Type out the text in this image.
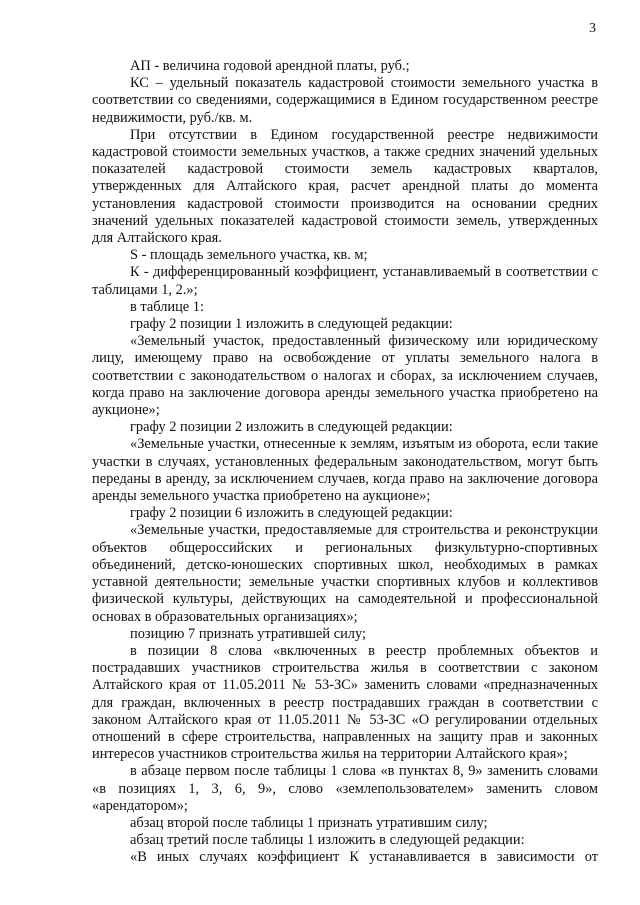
3

АП - величина годовой арендной платы, руб.;

КС – удельный показатель кадастровой стоимости земельного участка в соответствии со сведениями, содержащимися в Едином государственном реестре недвижимости, руб./кв. м.

При отсутствии в Едином государственной реестре недвижимости кадастровой стоимости земельных участков, а также средних значений удельных показателей кадастровой стоимости земель кадастровых кварталов, утвержденных для Алтайского края, расчет арендной платы до момента установления кадастровой стоимости производится на основании средних значений удельных показателей кадастровой стоимости земель, утвержденных для Алтайского края.

S - площадь земельного участка, кв. м;

К - дифференцированный коэффициент, устанавливаемый в соответствии с таблицами 1, 2.»;

в таблице 1:

графу 2 позиции 1 изложить в следующей редакции:

«Земельный участок, предоставленный физическому или юридическому лицу, имеющему право на освобождение от уплаты земельного налога в соответствии с законодательством о налогах и сборах, за исключением случаев, когда право на заключение договора аренды земельного участка приобретено на аукционе»;

графу 2 позиции 2 изложить в следующей редакции:

«Земельные участки, отнесенные к землям, изъятым из оборота, если такие участки в случаях, установленных федеральным законодательством, могут быть переданы в аренду, за исключением случаев, когда право на заключение договора аренды земельного участка приобретено на аукционе»;

графу 2 позиции 6 изложить в следующей редакции:

«Земельные участки, предоставляемые для строительства и реконструкции объектов общероссийских и региональных физкультурно-спортивных объединений, детско-юношеских спортивных школ, необходимых в рамках уставной деятельности; земельные участки спортивных клубов и коллективов физической культуры, действующих на самодеятельной и профессиональной основах в образовательных организациях»;

позицию 7 признать утратившей силу;

в позиции 8 слова «включенных в реестр проблемных объектов и пострадавших участников строительства жилья в соответствии с законом Алтайского края от 11.05.2011 № 53-ЗС» заменить словами «предназначенных для граждан, включенных в реестр пострадавших граждан в соответствии с законом Алтайского края от 11.05.2011 № 53-ЗС «О регулировании отдельных отношений в сфере строительства, направленных на защиту прав и законных интересов участников строительства жилья на территории Алтайского края»;

в абзаце первом после таблицы 1 слова «в пунктах 8, 9» заменить словами «в позициях 1, 3, 6, 9», слово «землепользователем» заменить словом «арендатором»;

абзац второй после таблицы 1 признать утратившим силу;

абзац третий после таблицы 1 изложить в следующей редакции:

«В иных случаях коэффициент К устанавливается в зависимости от
